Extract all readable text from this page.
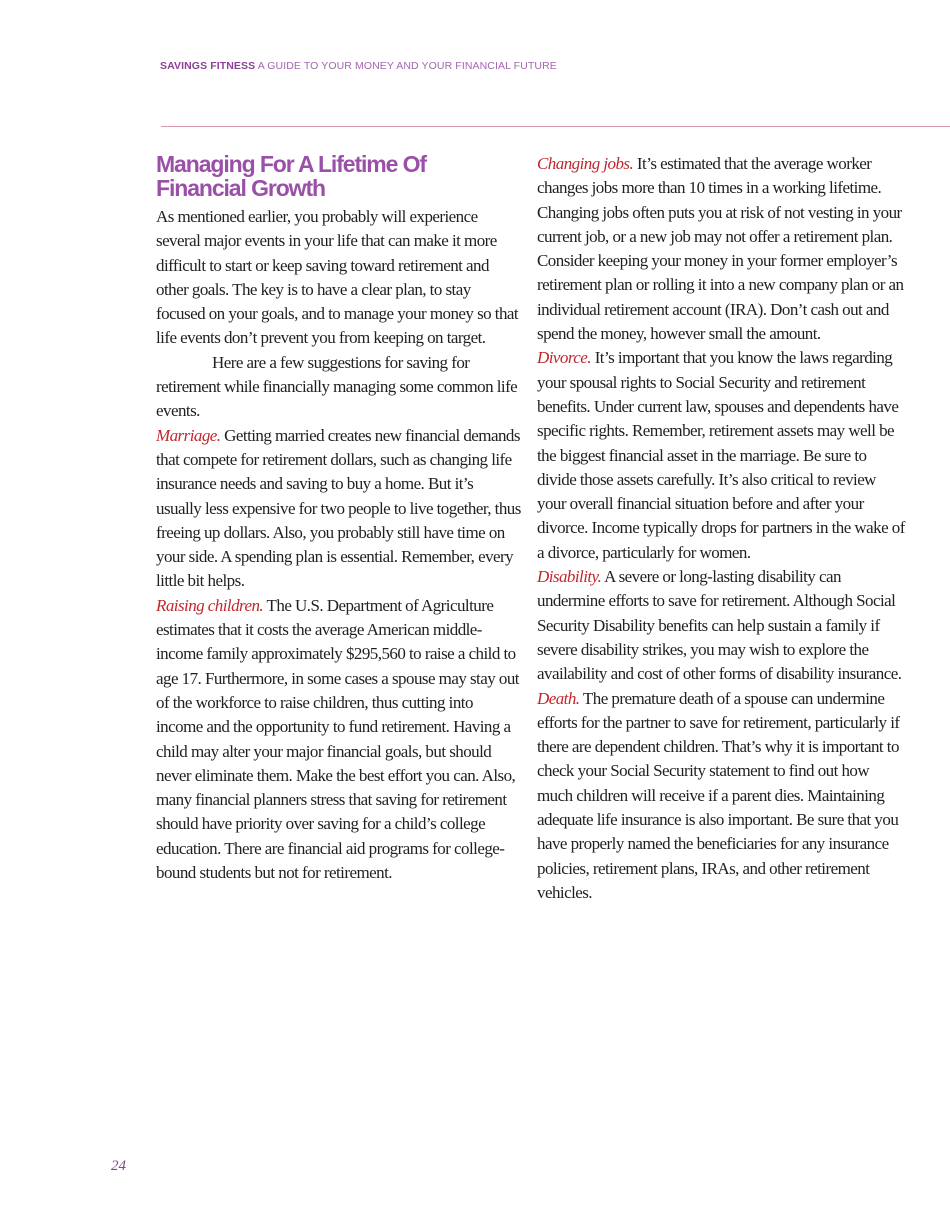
SAVINGS FITNESS A GUIDE TO YOUR MONEY AND YOUR FINANCIAL FUTURE
Managing For A Lifetime Of
Financial Growth

As mentioned earlier, you probably will experience several major events in your life that can make it more difficult to start or keep saving toward retirement and other goals. The key is to have a clear plan, to stay focused on your goals, and to manage your money so that life events don’t prevent you from keeping on target.

Here are a few suggestions for saving for retirement while financially managing some common life events.

Marriage. Getting married creates new financial demands that compete for retirement dollars, such as changing life insurance needs and saving to buy a home. But it’s usually less expensive for two people to live together, thus freeing up dollars. Also, you probably still have time on your side. A spending plan is essential. Remember, every little bit helps.

Raising children. The U.S. Department of Agriculture estimates that it costs the average American middle-income family approximately $295,560 to raise a child to age 17. Furthermore, in some cases a spouse may stay out of the workforce to raise children, thus cutting into income and the opportunity to fund retirement. Having a child may alter your major financial goals, but should never eliminate them. Make the best effort you can. Also, many financial planners stress that saving for retirement should have priority over saving for a child’s college education. There are financial aid programs for college-bound students but not for retirement.

Changing jobs. It’s estimated that the average worker changes jobs more than 10 times in a working lifetime. Changing jobs often puts you at risk of not vesting in your current job, or a new job may not offer a retirement plan. Consider keeping your money in your former employer’s retirement plan or rolling it into a new company plan or an individual retirement account (IRA). Don’t cash out and spend the money, however small the amount.

Divorce. It’s important that you know the laws regarding your spousal rights to Social Security and retirement benefits. Under current law, spouses and dependents have specific rights. Remember, retirement assets may well be the biggest financial asset in the marriage. Be sure to divide those assets carefully. It’s also critical to review your overall financial situation before and after your divorce. Income typically drops for partners in the wake of a divorce, particularly for women.

Disability. A severe or long-lasting disability can undermine efforts to save for retirement. Although Social Security Disability benefits can help sustain a family if severe disability strikes, you may wish to explore the availability and cost of other forms of disability insurance.

Death. The premature death of a spouse can undermine efforts for the partner to save for retirement, particularly if there are dependent children. That’s why it is important to check your Social Security statement to find out how much children will receive if a parent dies. Maintaining adequate life insurance is also important. Be sure that you have properly named the beneficiaries for any insurance policies, retirement plans, IRAs, and other retirement vehicles.

24
